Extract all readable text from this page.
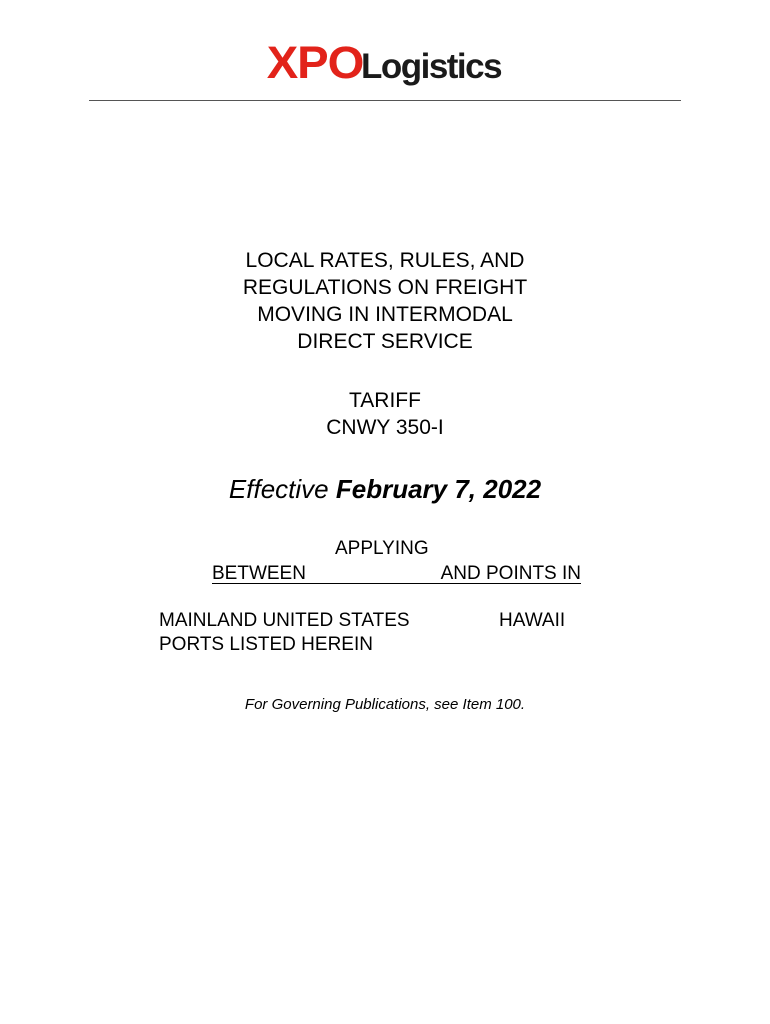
XPOLogistics
LOCAL RATES, RULES, AND
REGULATIONS ON FREIGHT
MOVING IN INTERMODAL
DIRECT SERVICE
TARIFF
CNWY 350-I
Effective February 7, 2022
APPLYING
BETWEEN	AND POINTS IN
MAINLAND UNITED STATES
PORTS LISTED HEREIN
HAWAII
For Governing Publications, see Item 100.
